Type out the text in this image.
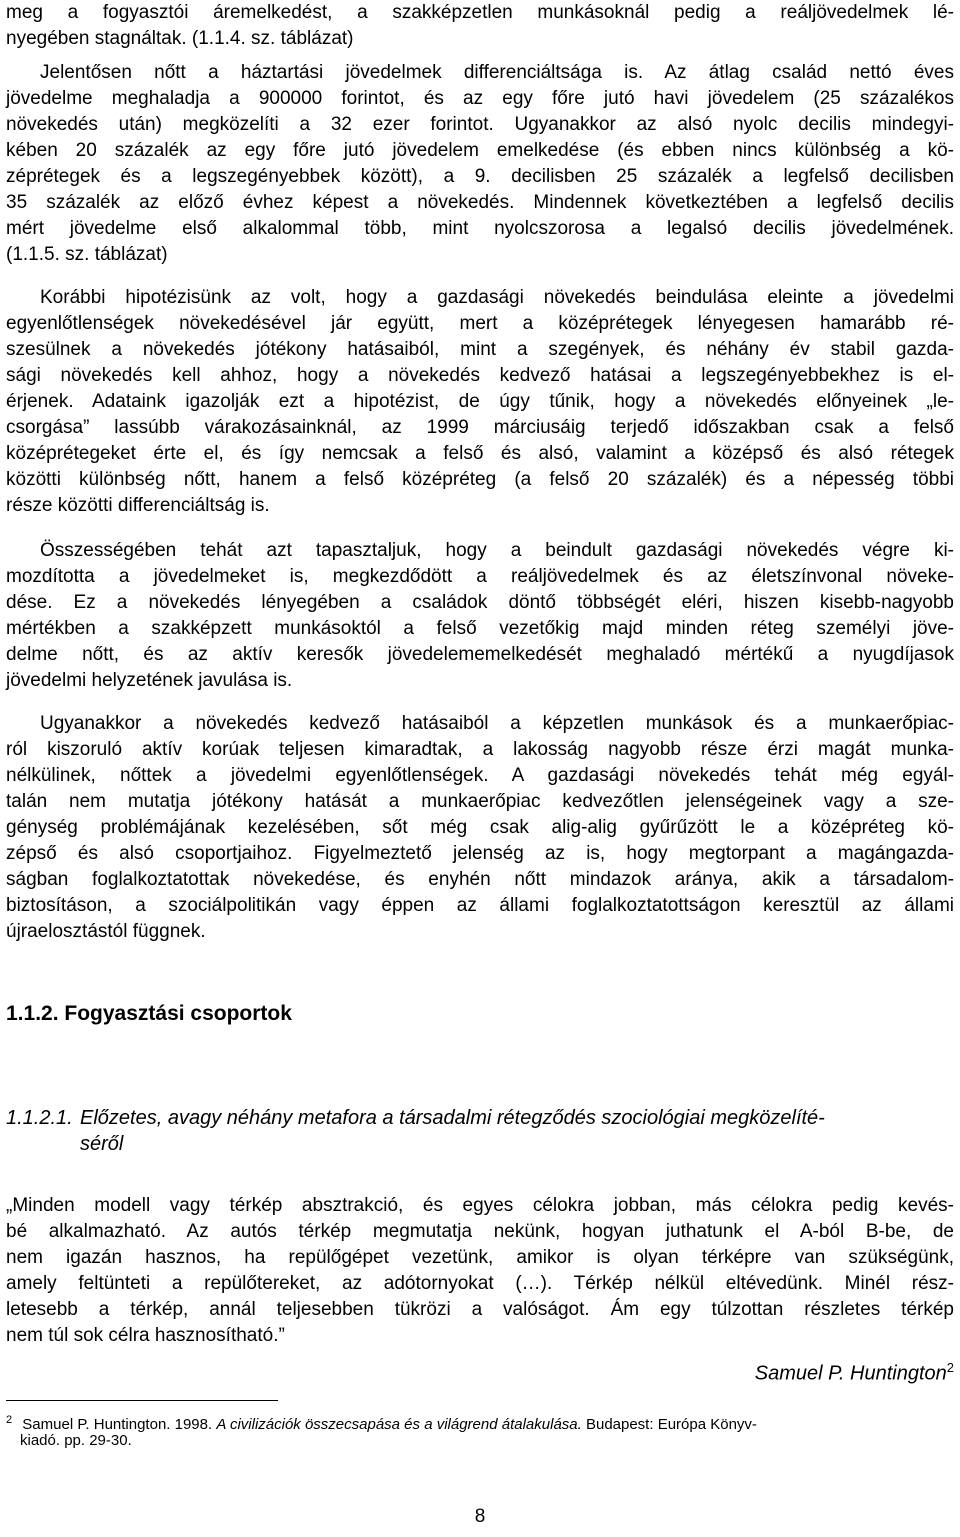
meg a fogyasztói áremelkedést, a szakképzetlen munkásoknál pedig a reáljövedelmek lé-
nyegében stagnáltak. (1.1.4. sz. táblázat)
Jelentősen nőtt a háztartási jövedelmek differenciáltsága is. Az átlag család nettó éves
jövedelme meghaladja a 900000 forintot, és az egy főre jutó havi jövedelem (25 százalékos
növekedés után) megközelíti a 32 ezer forintot. Ugyanakkor az alsó nyolc decilis mindegyi-
kében 20 százalék az egy főre jutó jövedelem emelkedése (és ebben nincs különbség a kö-
zéprétegek és a legszegényebbek között), a 9. decilisben 25 százalék a legfelső decilisben
35 százalék az előző évhez képest a növekedés. Mindennek következtében a legfelső decilis
mért jövedelme első alkalommal több, mint nyolcszorosa a legalsó decilis jövedelmének.
(1.1.5. sz. táblázat)
Korábbi hipotézisünk az volt, hogy a gazdasági növekedés beindulása eleinte a jövedelmi
egyenlőtlenségek növekedésével jár együtt, mert a középrétegek lényegesen hamarább ré-
szesülnek a növekedés jótékony hatásaiból, mint a szegények, és néhány év stabil gazda-
sági növekedés kell ahhoz, hogy a növekedés kedvező hatásai a legszegényebbekhez is el-
érjenek. Adataink igazolják ezt a hipotézist, de úgy tűnik, hogy a növekedés előnyeinek „le-
csorgása” lassúbb várakozásainknál, az 1999 márciusáig terjedő időszakban csak a felső
középrétegeket érte el, és így nemcsak a felső és alsó, valamint a középső és alsó rétegek
közötti különbség nőtt, hanem a felső középréteg (a felső 20 százalék) és a népesség többi
része közötti differenciáltság is.
Összességében tehát azt tapasztaljuk, hogy a beindult gazdasági növekedés végre ki-
mozdította a jövedelmeket is, megkezdődött a reáljövedelmek és az életszínvonal növeke-
dése. Ez a növekedés lényegében a családok döntő többségét eléri, hiszen kisebb-nagyobb
mértékben a szakképzett munkásoktól a felső vezetőkig majd minden réteg személyi jöve-
delme nőtt, és az aktív keresők jövedelememelkedését meghaladó mértékű a nyugdíjasok
jövedelmi helyzetének javulása is.
Ugyanakkor a növekedés kedvező hatásaiból a képzetlen munkások és a munkaerőpiac-
ról kiszoruló aktív korúak teljesen kimaradtak, a lakosság nagyobb része érzi magát munka-
nélkülinek, nőttek a jövedelmi egyenlőtlenségek. A gazdasági növekedés tehát még egyál-
talán nem mutatja jótékony hatását a munkaerőpiac kedvezőtlen jelenségeinek vagy a sze-
génység problémájának kezelésében, sőt még csak alig-alig gyűrűzött le a középréteg kö-
zépső és alsó csoportjaihoz. Figyelmeztető jelenség az is, hogy megtorpant a magángazda-
ságban foglalkoztatottak növekedése, és enyhén nőtt mindazok aránya, akik a társadalom-
biztosításon, a szociálpolitikán vagy éppen az állami foglalkoztatottságon keresztül az állami
újraelosztástól függnek.
1.1.2. Fogyasztási csoportok
1.1.2.1. Előzetes, avagy néhány metafora a társadalmi rétegződés szociológiai megközelíté-
séről
„Minden modell vagy térkép absztrakció, és egyes célokra jobban, más célokra pedig kevés-
bé alkalmazható. Az autós térkép megmutatja nekünk, hogyan juthatunk el A-ból B-be, de
nem igazán hasznos, ha repülőgépet vezetünk, amikor is olyan térképre van szükségünk,
amely feltünteti a repülőtereket, az adótornyokat (…). Térkép nélkül eltévedünk. Minél rész-
letesebb a térkép, annál teljesebben tükrözi a valóságot. Ám egy túlzottan részletes térkép
nem túl sok célra hasznosítható.”
Samuel P. Huntington$^2$
$^2$ Samuel P. Huntington. 1998. A civilizációk összecsapása és a világrend átalakulása. Budapest: Európa Könyv-
kiadó. pp. 29-30.
8
